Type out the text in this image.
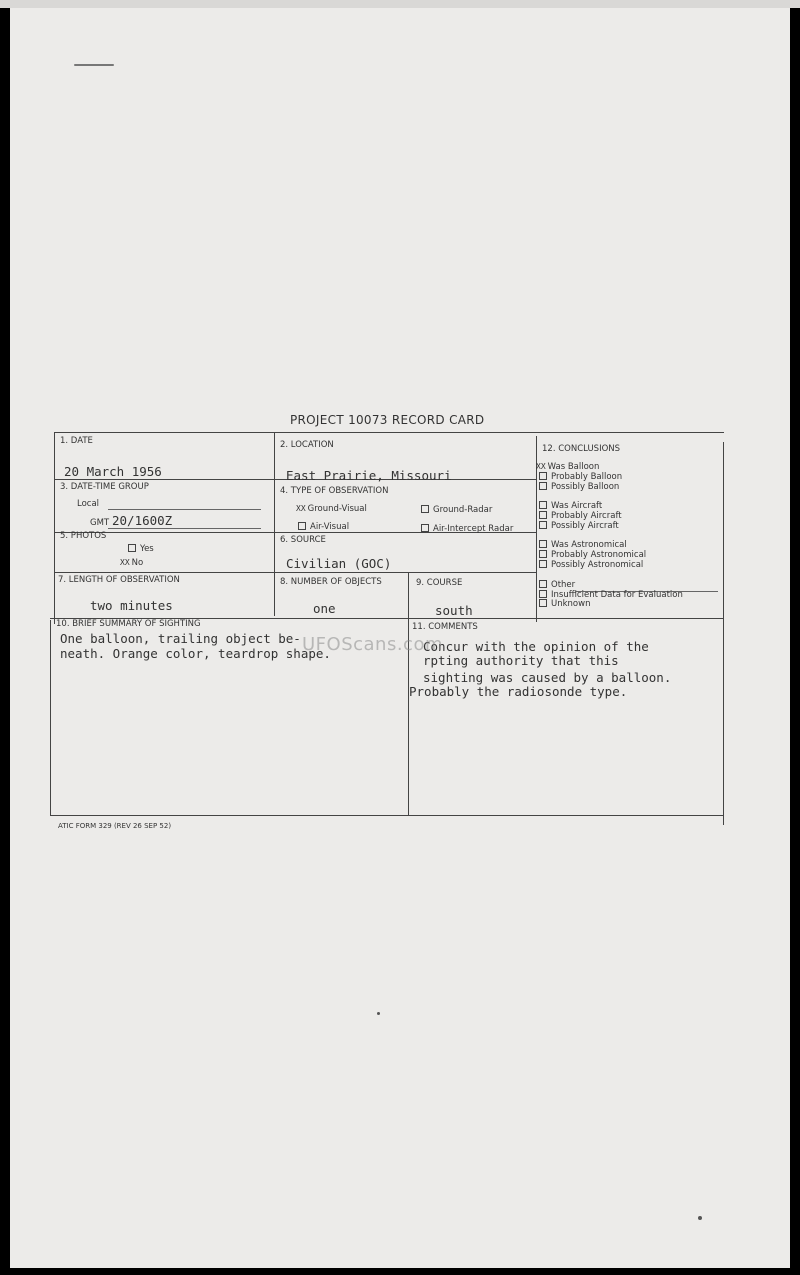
PROJECT 10073 RECORD CARD
1. DATE
20 March 1956
2. LOCATION
East Prairie, Missouri
3. DATE-TIME GROUP
Local
GMT 20/1600Z
4. TYPE OF OBSERVATION
XX Ground-Visual	Ground-Radar
Air-Visual	Air-Intercept Radar
5. PHOTOS
Yes
XX No
6. SOURCE
Civilian (GOC)
7. LENGTH OF OBSERVATION
two minutes
8. NUMBER OF OBJECTS
one
9. COURSE
south
10. BRIEF SUMMARY OF SIGHTING
One balloon, trailing object be-
neath. Orange color, teardrop shape.
11. COMMENTS
Concur with the opinion of the
rpting authority that this
sighting was caused by a balloon.
Probably the radiosonde type.
12. CONCLUSIONS
XX Was Balloon
Probably Balloon
Possibly Balloon
Was Aircraft
Probably Aircraft
Possibly Aircraft
Was Astronomical
Probably Astronomical
Possibly Astronomical
Other
Insufficient Data for Evaluation
Unknown
UFOScans.com
ATIC FORM 329 (REV 26 SEP 52)
